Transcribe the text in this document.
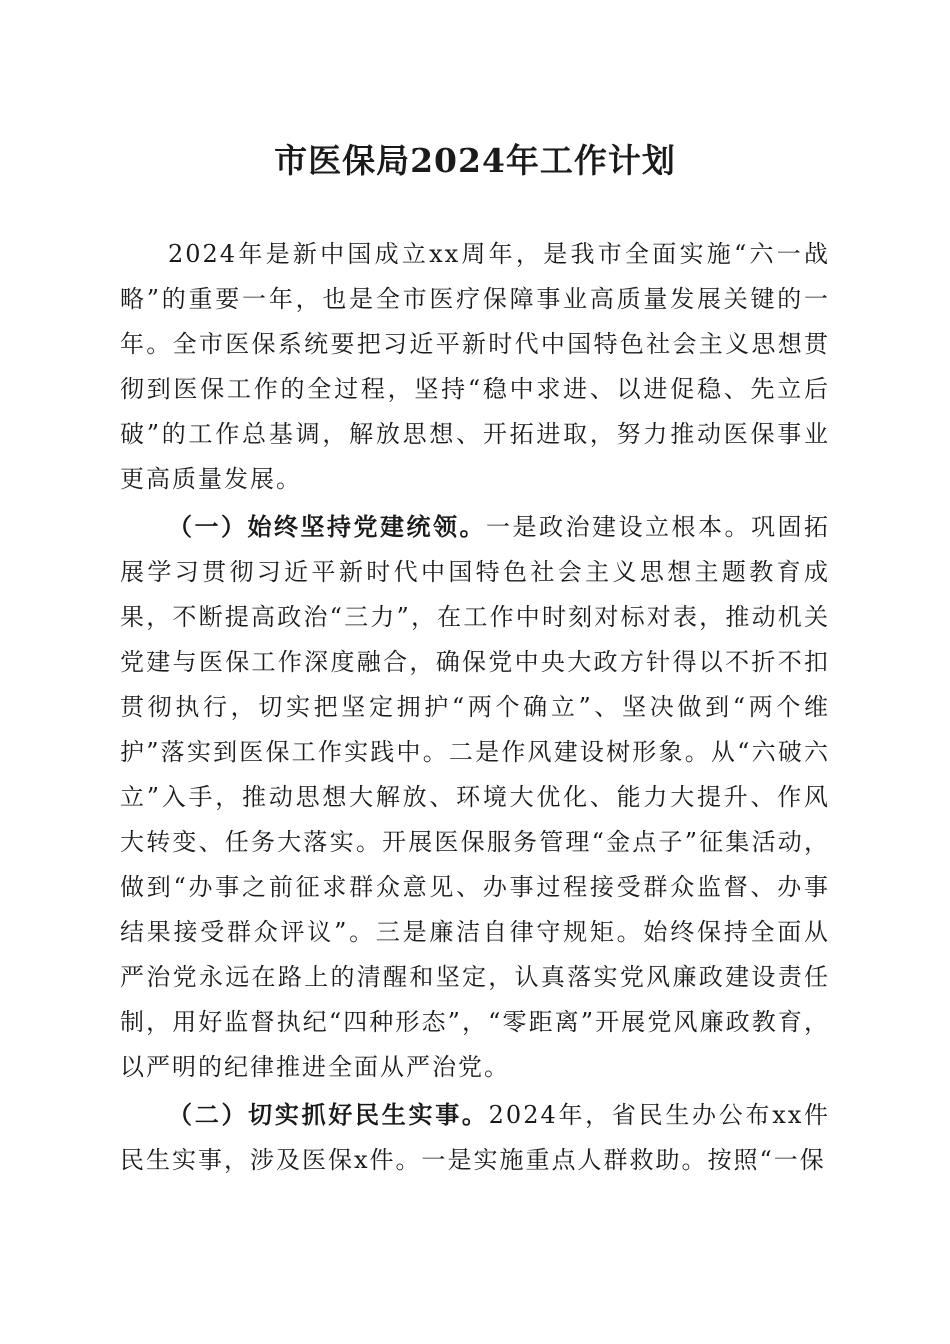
市医保局2024年工作计划

2024年是新中国成立xx周年，是我市全面实施“六一战略”的重要一年，也是全市医疗保障事业高质量发展关键的一年。全市医保系统要把习近平新时代中国特色社会主义思想贯彻到医保工作的全过程，坚持“稳中求进、以进促稳、先立后破”的工作总基调，解放思想、开拓进取，努力推动医保事业更高质量发展。

（一）始终坚持党建统领。一是政治建设立根本。巩固拓展学习贯彻习近平新时代中国特色社会主义思想主题教育成果，不断提高政治“三力”，在工作中时刻对标对表，推动机关党建与医保工作深度融合，确保党中央大政方针得以不折不扣贯彻执行，切实把坚定拥护“两个确立”、坚决做到“两个维护”落实到医保工作实践中。二是作风建设树形象。从“六破六立”入手，推动思想大解放、环境大优化、能力大提升、作风大转变、任务大落实。开展医保服务管理“金点子”征集活动，做到“办事之前征求群众意见、办事过程接受群众监督、办事结果接受群众评议”。三是廉洁自律守规矩。始终保持全面从严治党永远在路上的清醒和坚定，认真落实党风廉政建设责任制，用好监督执纪“四种形态”，“零距离”开展党风廉政教育，以严明的纪律推进全面从严治党。

（二）切实抓好民生实事。2024年，省民生办公布xx件民生实事，涉及医保x件。一是实施重点人群救助。按照“一保
